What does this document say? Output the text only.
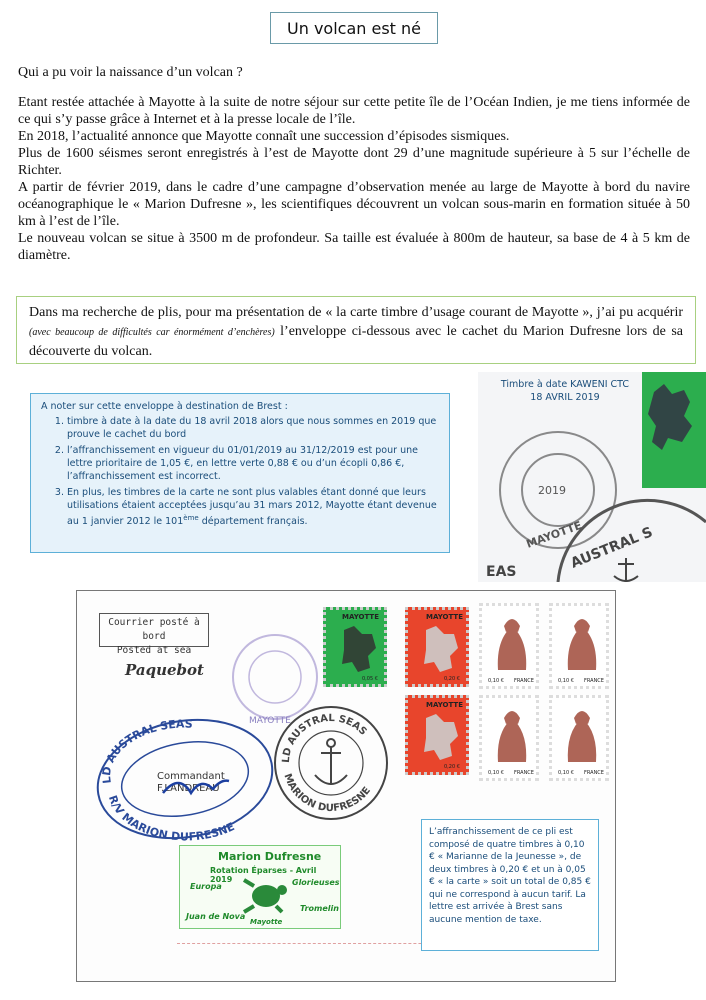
Un volcan est né

Qui a pu voir la naissance d’un volcan ?

Etant restée attachée à Mayotte à la suite de notre séjour sur cette petite île de l’Océan Indien, je me tiens informée de ce qui s’y passe grâce à Internet et à la presse locale de l’île.

En 2018, l’actualité annonce que Mayotte connaît une succession d’épisodes sismiques.

Plus de 1600 séismes seront enregistrés à l’est de Mayotte dont 29 d’une magnitude supérieure à 5 sur l’échelle de Richter.

A partir de février 2019, dans le cadre d’une campagne d’observation menée au large de Mayotte à bord du navire océanographique le « Marion Dufresne », les scientifiques découvrent un volcan sous-marin en formation située à 50 km à l’est de l’île.

Le nouveau volcan se situe à 3500 m de profondeur. Sa taille est évaluée à 800m de hauteur, sa base de 4 à 5 km de diamètre.

Dans ma recherche de plis, pour ma présentation de « la carte timbre d’usage courant de Mayotte », j’ai pu acquérir (avec beaucoup de difficultés car énormément d’enchères) l’enveloppe ci-dessous avec le cachet du Marion Dufresne lors de sa découverte du volcan.
A noter sur cette enveloppe à destination de Brest :
1. timbre à date à la date du 18 avril 2018 alors que nous sommes en 2019 que prouve le cachet du bord
2. l’affranchissement en vigueur du 01/01/2019 au 31/12/2019 est pour une lettre prioritaire de 1,05 €, en lettre verte 0,88 € ou d’un écopli 0,86 €, l’affranchissement est incorrect.
3. En plus, les timbres de la carte ne sont plus valables étant donné que leurs utilisations étaient acceptées jusqu’au 31 mars 2012, Mayotte étant devenue au 1 janvier 2012 le 101ème département français.
2019
MAYOTTE
AUSTRAL S
EAS
Timbre à date KAWENI CTC
18 AVRIL 2019
Courrier posté à bord
Posted at sea
Paquebot
MAYOTTE
MAYOTTE
0,05 €
MAYOTTE
0,20 €
MAYOTTE
0,20 €
0,10 € FRANCE	0,10 € FRANCE
0,10 € FRANCE	0,10 € FRANCE
LD AUSTRAL SEAS
R/V MARION DUFRESNE
Commandant
F.LANDREAU
LD AUSTRAL SEAS
MARION DUFRESNE
Marion Dufresne
Rotation Éparses - Avril 2019
Europa	Glorieuses
Juan de Nova
Tromelin
Mayotte
L’affranchissement de ce pli est composé de quatre timbres à 0,10 € « Marianne de la Jeunesse », de deux timbres à 0,20 € et un à 0,05 € « la carte » soit un total de 0,85 € qui ne correspond à aucun tarif. La lettre est arrivée à Brest sans aucune mention de taxe.
